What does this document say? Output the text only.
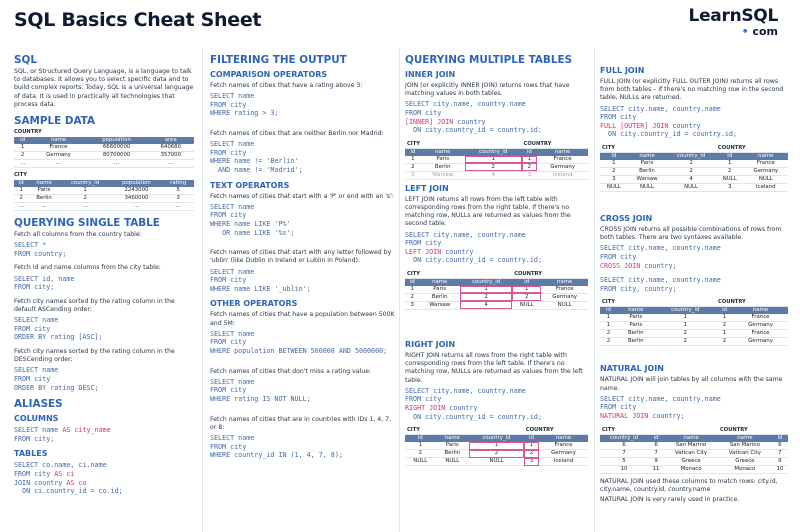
SQL Basics Cheat Sheet	LearnSQL
• com
SQL

SQL, or Structured Query Language, is a language to talk to databases. It allows you to select specific data and to build complex reports. Today, SQL is a universal language of data. It is used in practically all technologies that process data.

SAMPLE DATA
COUNTRY
id	name	population	area
1	France	66600000	640680
2	Germany	80700000	357000
...	...	...	...
CITY
id	name	country_id	population	rating
1	Paris	1	2243000	5
2	Berlin	2	3460000	3
...	...	...	...	...
QUERYING SINGLE TABLE

Fetch all columns from the country table:

SELECT *
FROM country;

Fetch id and name columns from the city table:

SELECT id, name
FROM city;

Fetch city names sorted by the rating column in the default ASCending order:

SELECT name
FROM city
ORDER BY rating [ASC];

Fetch city names sorted by the rating column in the DESCending order:

SELECT name
FROM city
ORDER BY rating DESC;
ALIASES
COLUMNS
SELECT name AS city_name
FROM city;
TABLES
SELECT co.name, ci.name
FROM city AS ci
JOIN country AS co
ON ci.country_id = co.id;
FILTERING THE OUTPUT
COMPARISON OPERATORS

Fetch names of cities that have a rating above 3:

SELECT name
FROM city
WHERE rating > 3;

Fetch names of cities that are neither Berlin nor Madrid:

SELECT name
FROM city
WHERE name != 'Berlin'
AND name != 'Madrid';
TEXT OPERATORS

Fetch names of cities that start with a 'P' or end with an 's':

SELECT name
FROM city
WHERE name LIKE 'P%'
OR name LIKE '%s';

Fetch names of cities that start with any letter followed by 'ublin' (like Dublin in Ireland or Lublin in Poland):

SELECT name
FROM city
WHERE name LIKE '_ublin';
OTHER OPERATORS

Fetch names of cities that have a population between 500K and 5M:

SELECT name
FROM city
WHERE population BETWEEN 500000 AND 5000000;

Fetch names of cities that don't miss a rating value:

SELECT name
FROM city
WHERE rating IS NOT NULL;

Fetch names of cities that are in countries with IDs 1, 4, 7, or 8:

SELECT name
FROM city
WHERE country_id IN (1, 4, 7, 8);
QUERYING MULTIPLE TABLES
INNER JOIN

JOIN (or explicitly INNER JOIN) returns rows that have matching values in both tables.

SELECT city.name, country.name
FROM city
[INNER] JOIN country
ON city.country_id = country.id;
CITY			COUNTRY	
id	name	country_id	id	name
1	Paris	1	1	France
2	Berlin	2	2	Germany
3	Warsaw	4	3	Iceland
LEFT JOIN

LEFT JOIN returns all rows from the left table with corresponding rows from the right table. If there's no matching row, NULLs are returned as values from the second table.

SELECT city.name, country.name
FROM city
LEFT JOIN country
ON city.country_id = country.id;
CITY			COUNTRY	
id	name	country_id	id	name
1	Paris	1	1	France
2	Berlin	2	2	Germany
3	Warsaw	4	NULL	NULL
RIGHT JOIN

RIGHT JOIN returns all rows from the right table with corresponding rows from the left table. If there's no matching row, NULLs are returned as values from the left table.

SELECT city.name, country.name
FROM city
RIGHT JOIN country
ON city.country_id = country.id;
CITY			COUNTRY	
id	name	country_id	id	name
1	Paris	1	1	France
2	Berlin	2	2	Germany
NULL	NULL	NULL	3	Iceland
FULL JOIN

FULL JOIN (or explicitly FULL OUTER JOIN) returns all rows from both tables – if there's no matching row in the second table, NULLs are returned.

SELECT city.name, country.name
FROM city
FULL [OUTER] JOIN country
ON city.country_id = country.id;
CITY			COUNTRY	
id	name	country_id	id	name
1	Paris	1	1	France
2	Berlin	2	2	Germany
3	Warsaw	4	NULL	NULL
NULL	NULL	NULL	3	Iceland
CROSS JOIN

CROSS JOIN returns all possible combinations of rows from both tables. There are two syntaxes available.

SELECT city.name, country.name
FROM city
CROSS JOIN country;
SELECT city.name, country.name
FROM city, country;
CITY			COUNTRY	
id	name	country_id	id	name
1	Paris	1	1	France
1	Paris	1	2	Germany
2	Berlin	2	1	France
2	Berlin	2	2	Germany
NATURAL JOIN

NATURAL JOIN will join tables by all columns with the same name.

SELECT city.name, country.name
FROM city
NATURAL JOIN country;
CITY			COUNTRY	
country_id	id	name	name	id
6	6	San Marino	San Marino	6
7	7	Vatican City	Vatican City	7
5	9	Greece	Greece	9
10	11	Monaco	Monaco	10

NATURAL JOIN used these columns to match rows: city.id, city.name, country.id, country.name

NATURAL JOIN is very rarely used in practice.
